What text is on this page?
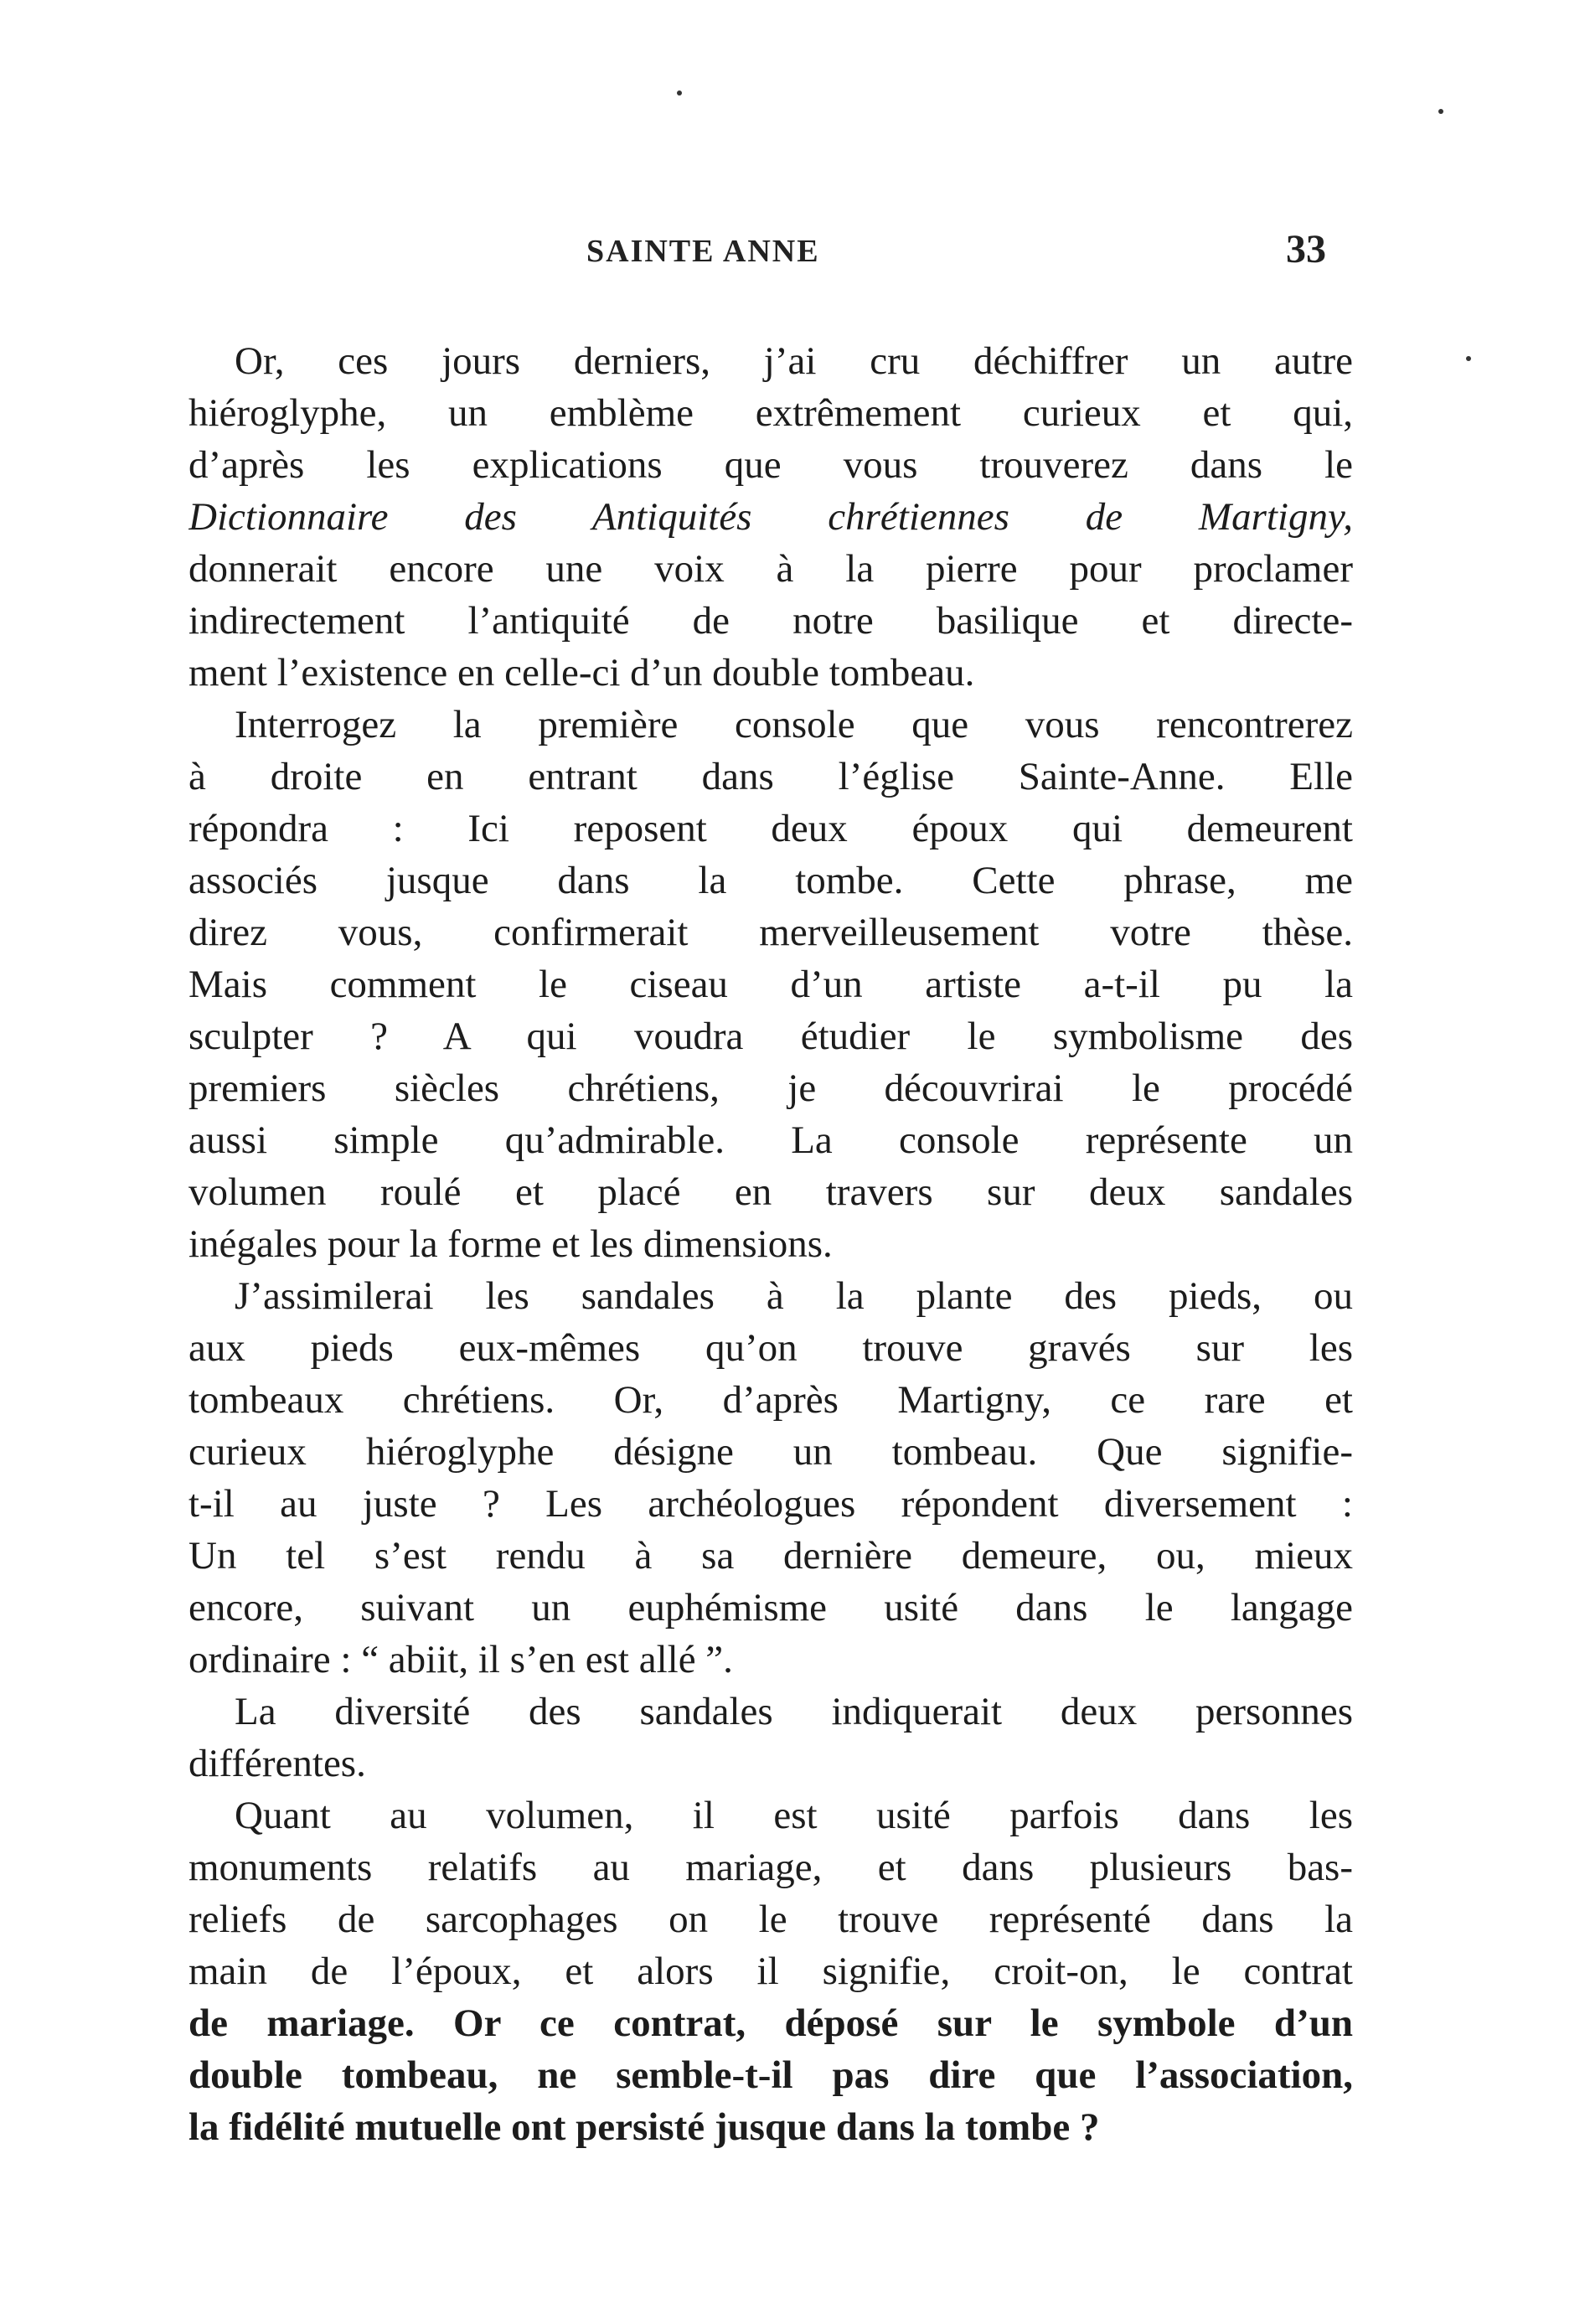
SAINTE ANNE	33
Or, ces jours derniers, j’ai cru déchiffrer un autre
hiéroglyphe, un emblème extrêmement curieux et qui,
d’après les explications que vous trouverez dans le
Dictionnaire des Antiquités chrétiennes de Martigny,
donnerait encore une voix à la pierre pour proclamer
indirectement l’antiquité de notre basilique et directe-
ment l’existence en celle-ci d’un double tombeau.
Interrogez la première console que vous rencontrerez
à droite en entrant dans l’église Sainte-Anne. Elle
répondra : Ici reposent deux époux qui demeurent
associés jusque dans la tombe. Cette phrase, me
direz vous, confirmerait merveilleusement votre thèse.
Mais comment le ciseau d’un artiste a-t-il pu la
sculpter ? A qui voudra étudier le symbolisme des
premiers siècles chrétiens, je découvrirai le procédé
aussi simple qu’admirable. La console représente un
volumen roulé et placé en travers sur deux sandales
inégales pour la forme et les dimensions.
J’assimilerai les sandales à la plante des pieds, ou
aux pieds eux-mêmes qu’on trouve gravés sur les
tombeaux chrétiens. Or, d’après Martigny, ce rare et
curieux hiéroglyphe désigne un tombeau. Que signifie-
t-il au juste ? Les archéologues répondent diversement :
Un tel s’est rendu à sa dernière demeure, ou, mieux
encore, suivant un euphémisme usité dans le langage
ordinaire : “ abiit, il s’en est allé ”.
La diversité des sandales indiquerait deux personnes
différentes.
Quant au volumen, il est usité parfois dans les
monuments relatifs au mariage, et dans plusieurs bas-
reliefs de sarcophages on le trouve représenté dans la
main de l’époux, et alors il signifie, croit-on, le contrat
de mariage. Or ce contrat, déposé sur le symbole d’un
double tombeau, ne semble-t-il pas dire que l’association,
la fidélité mutuelle ont persisté jusque dans la tombe ?
